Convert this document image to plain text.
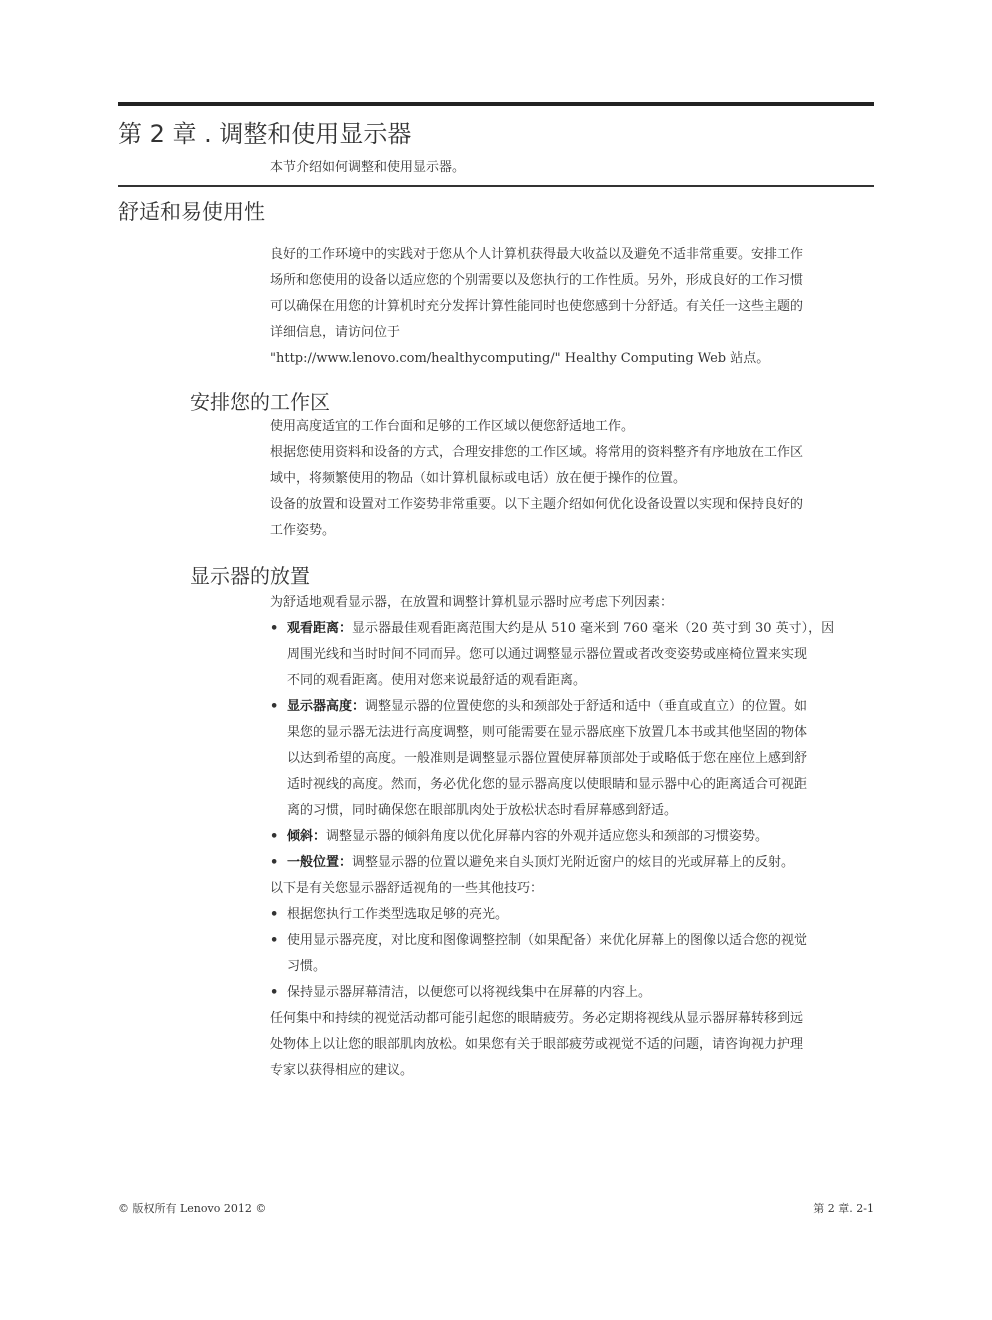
第 2 章 . 调整和使用显示器
本节介绍如何调整和使用显示器。
舒适和易使用性
良好的工作环境中的实践对于您从个人计算机获得最大收益以及避免不适非常重要。安排工作
场所和您使用的设备以适应您的个别需要以及您执行的工作性质。另外，形成良好的工作习惯
可以确保在用您的计算机时充分发挥计算性能同时也使您感到十分舒适。有关任一这些主题的
详细信息，请访问位于
"http://www.lenovo.com/healthycomputing/" Healthy Computing Web 站点。
安排您的工作区
使用高度适宜的工作台面和足够的工作区域以便您舒适地工作。
根据您使用资料和设备的方式，合理安排您的工作区域。将常用的资料整齐有序地放在工作区
域中，将频繁使用的物品（如计算机鼠标或电话）放在便于操作的位置。
设备的放置和设置对工作姿势非常重要。以下主题介绍如何优化设备设置以实现和保持良好的
工作姿势。
显示器的放置
为舒适地观看显示器，在放置和调整计算机显示器时应考虑下列因素：
• 观看距离：显示器最佳观看距离范围大约是从 510 毫米到 760 毫米（20 英寸到 30 英寸），因
周围光线和当时时间不同而异。您可以通过调整显示器位置或者改变姿势或座椅位置来实现
不同的观看距离。使用对您来说最舒适的观看距离。
• 显示器高度：调整显示器的位置使您的头和颈部处于舒适和适中（垂直或直立）的位置。如
果您的显示器无法进行高度调整，则可能需要在显示器底座下放置几本书或其他坚固的物体
以达到希望的高度。一般准则是调整显示器位置使屏幕顶部处于或略低于您在座位上感到舒
适时视线的高度。然而，务必优化您的显示器高度以使眼睛和显示器中心的距离适合可视距
离的习惯，同时确保您在眼部肌肉处于放松状态时看屏幕感到舒适。
• 倾斜：调整显示器的倾斜角度以优化屏幕内容的外观并适应您头和颈部的习惯姿势。
• 一般位置：调整显示器的位置以避免来自头顶灯光附近窗户的炫目的光或屏幕上的反射。
以下是有关您显示器舒适视角的一些其他技巧：
• 根据您执行工作类型选取足够的亮光。
• 使用显示器亮度，对比度和图像调整控制（如果配备）来优化屏幕上的图像以适合您的视觉
习惯。
• 保持显示器屏幕清洁，以便您可以将视线集中在屏幕的内容上。
任何集中和持续的视觉活动都可能引起您的眼睛疲劳。务必定期将视线从显示器屏幕转移到远
处物体上以让您的眼部肌肉放松。如果您有关于眼部疲劳或视觉不适的问题，请咨询视力护理
专家以获得相应的建议。
© 版权所有 Lenovo 2012 ©	第 2 章. 2-1
